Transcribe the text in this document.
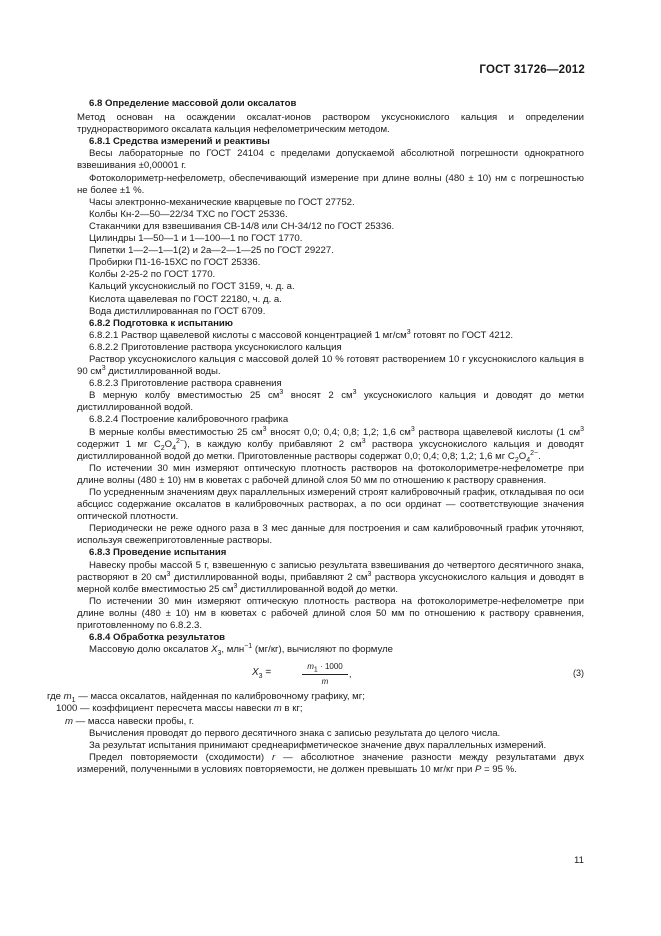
ГОСТ 31726—2012

6.8 Определение массовой доли оксалатов

Метод основан на осаждении оксалат-ионов раствором уксуснокислого кальция и определении труднорастворимого оксалата кальция нефелометрическим методом.

6.8.1 Средства измерений и реактивы

Весы лабораторные по ГОСТ 24104 с пределами допускаемой абсолютной погрешности однократного взвешивания ±0,00001 г.

Фотоколориметр-нефелометр, обеспечивающий измерение при длине волны (480 ± 10) нм с погрешностью не более ±1 %.

Часы электронно-механические кварцевые по ГОСТ 27752.

Колбы Кн-2—50—22/34 ТХС по ГОСТ 25336.

Стаканчики для взвешивания СВ-14/8 или СН-34/12 по ГОСТ 25336.

Цилиндры 1—50—1 и 1—100—1 по ГОСТ 1770.

Пипетки 1—2—1—1(2) и 2а—2—1—25 по ГОСТ 29227.

Пробирки П1-16-15ХС по ГОСТ 25336.

Колбы 2-25-2 по ГОСТ 1770.

Кальций уксуснокислый по ГОСТ 3159, ч. д. а.

Кислота щавелевая по ГОСТ 22180, ч. д. а.

Вода дистиллированная по ГОСТ 6709.

6.8.2 Подготовка к испытанию

6.8.2.1 Раствор щавелевой кислоты с массовой концентрацией 1 $мг/см^3$ готовят по ГОСТ 4212.

6.8.2.2 Приготовление раствора уксуснокислого кальция

Раствор уксуснокислого кальция с массовой долей 10 % готовят растворением 10 г уксуснокислого кальция в 90 $см^3$ дистиллированной воды.

6.8.2.3 Приготовление раствора сравнения

В мерную колбу вместимостью 25 $см^3$ вносят 2 $см^3$ уксуснокислого кальция и доводят до метки дистиллированной водой.

6.8.2.4 Построение калибровочного графика

В мерные колбы вместимостью 25 $см^3$ вносят 0,0; 0,4; 0,8; 1,2; 1,6 $см^3$ раствора щавелевой кислоты (1 $см^3$ содержит 1 мг $С_2О_4^{2-}$), в каждую колбу прибавляют 2 $см^3$ раствора уксуснокислого кальция и доводят дистиллированной водой до метки. Приготовленные растворы содержат 0,0; 0,4; 0,8; 1,2; 1,6 мг $С_2О_4^{2-}$.

По истечении 30 мин измеряют оптическую плотность растворов на фотоколориметре-нефелометре при длине волны (480 ± 10) нм в кюветах с рабочей длиной слоя 50 мм по отношению к раствору сравнения.

По усредненным значениям двух параллельных измерений строят калибровочный график, откладывая по оси абсцисс содержание оксалатов в калибровочных растворах, а по оси ординат — соответствующие значения оптической плотности.

Периодически не реже одного раза в 3 мес данные для построения и сам калибровочный график уточняют, используя свежеприготовленные растворы.

6.8.3 Проведение испытания

Навеску пробы массой 5 г, взвешенную с записью результата взвешивания до четвертого десятичного знака, растворяют в 20 $см^3$ дистиллированной воды, прибавляют 2 $см^3$ раствора уксуснокислого кальция и доводят в мерной колбе вместимостью 25 $см^3$ дистиллированной водой до метки.

По истечении 30 мин измеряют оптическую плотность раствора на фотоколориметре-нефелометре при длине волны (480 ± 10) нм в кюветах с рабочей длиной слоя 50 мм по отношению к раствору сравнения, приготовленному по 6.8.2.3.

6.8.4 Обработка результатов

Массовую долю оксалатов $X_3$, млн$^{-1}$ (мг/кг), вычисляют по формуле

$X_3$ =	$\frac{m_1 \cdot 1000}{m}$ ,	(3)

где $m_1$ — масса оксалатов, найденная по калибровочному графику, мг;

1000 — коэффициент пересчета массы навески m в кг;

m — масса навески пробы, г.

Вычисления проводят до первого десятичного знака с записью результата до целого числа.

За результат испытания принимают среднеарифметическое значение двух параллельных измерений.

Предел повторяемости (сходимости) r — абсолютное значение разности между результатами двух измерений, полученными в условиях повторяемости, не должен превышать 10 мг/кг при P = 95 %.

11
